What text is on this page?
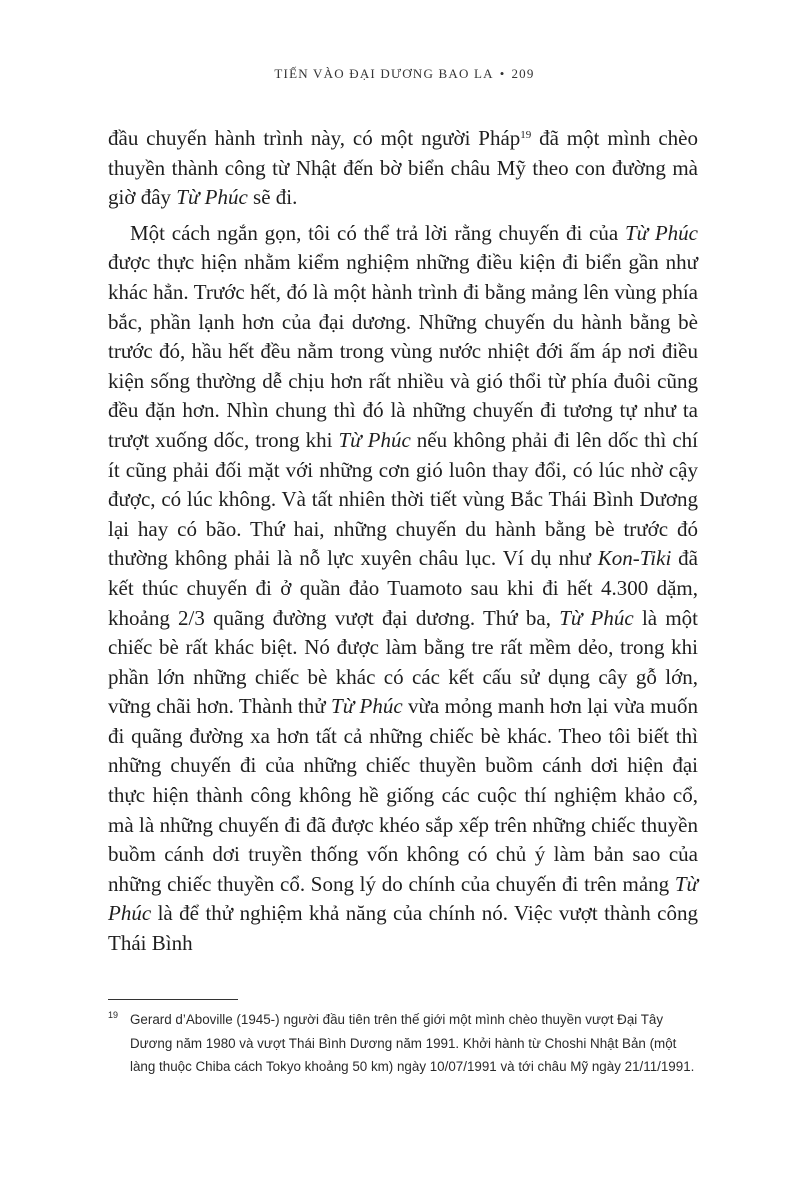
TIẾN VÀO ĐẠI DƯƠNG BAO LA • 209

đầu chuyến hành trình này, có một người Pháp$^{19}$ đã một mình chèo thuyền thành công từ Nhật đến bờ biển châu Mỹ theo con đường mà giờ đây Từ Phúc sẽ đi.

Một cách ngắn gọn, tôi có thể trả lời rằng chuyến đi của Từ Phúc được thực hiện nhằm kiểm nghiệm những điều kiện đi biển gần như khác hẳn. Trước hết, đó là một hành trình đi bằng mảng lên vùng phía bắc, phần lạnh hơn của đại dương. Những chuyến du hành bằng bè trước đó, hầu hết đều nằm trong vùng nước nhiệt đới ấm áp nơi điều kiện sống thường dễ chịu hơn rất nhiều và gió thổi từ phía đuôi cũng đều đặn hơn. Nhìn chung thì đó là những chuyến đi tương tự như ta trượt xuống dốc, trong khi Từ Phúc nếu không phải đi lên dốc thì chí ít cũng phải đối mặt với những cơn gió luôn thay đổi, có lúc nhờ cậy được, có lúc không. Và tất nhiên thời tiết vùng Bắc Thái Bình Dương lại hay có bão. Thứ hai, những chuyến du hành bằng bè trước đó thường không phải là nỗ lực xuyên châu lục. Ví dụ như Kon-Tiki đã kết thúc chuyến đi ở quần đảo Tuamoto sau khi đi hết 4.300 dặm, khoảng 2/3 quãng đường vượt đại dương. Thứ ba, Từ Phúc là một chiếc bè rất khác biệt. Nó được làm bằng tre rất mềm dẻo, trong khi phần lớn những chiếc bè khác có các kết cấu sử dụng cây gỗ lớn, vững chãi hơn. Thành thử Từ Phúc vừa mỏng manh hơn lại vừa muốn đi quãng đường xa hơn tất cả những chiếc bè khác. Theo tôi biết thì những chuyến đi của những chiếc thuyền buồm cánh dơi hiện đại thực hiện thành công không hề giống các cuộc thí nghiệm khảo cổ, mà là những chuyến đi đã được khéo sắp xếp trên những chiếc thuyền buồm cánh dơi truyền thống vốn không có chủ ý làm bản sao của những chiếc thuyền cổ. Song lý do chính của chuyến đi trên mảng Từ Phúc là để thử nghiệm khả năng của chính nó. Việc vượt thành công Thái Bình

19 Gerard d’Aboville (1945-) người đầu tiên trên thế giới một mình chèo thuyền vượt Đại Tây Dương năm 1980 và vượt Thái Bình Dương năm 1991. Khởi hành từ Choshi Nhật Bản (một làng thuộc Chiba cách Tokyo khoảng 50 km) ngày 10/07/1991 và tới châu Mỹ ngày 21/11/1991.
